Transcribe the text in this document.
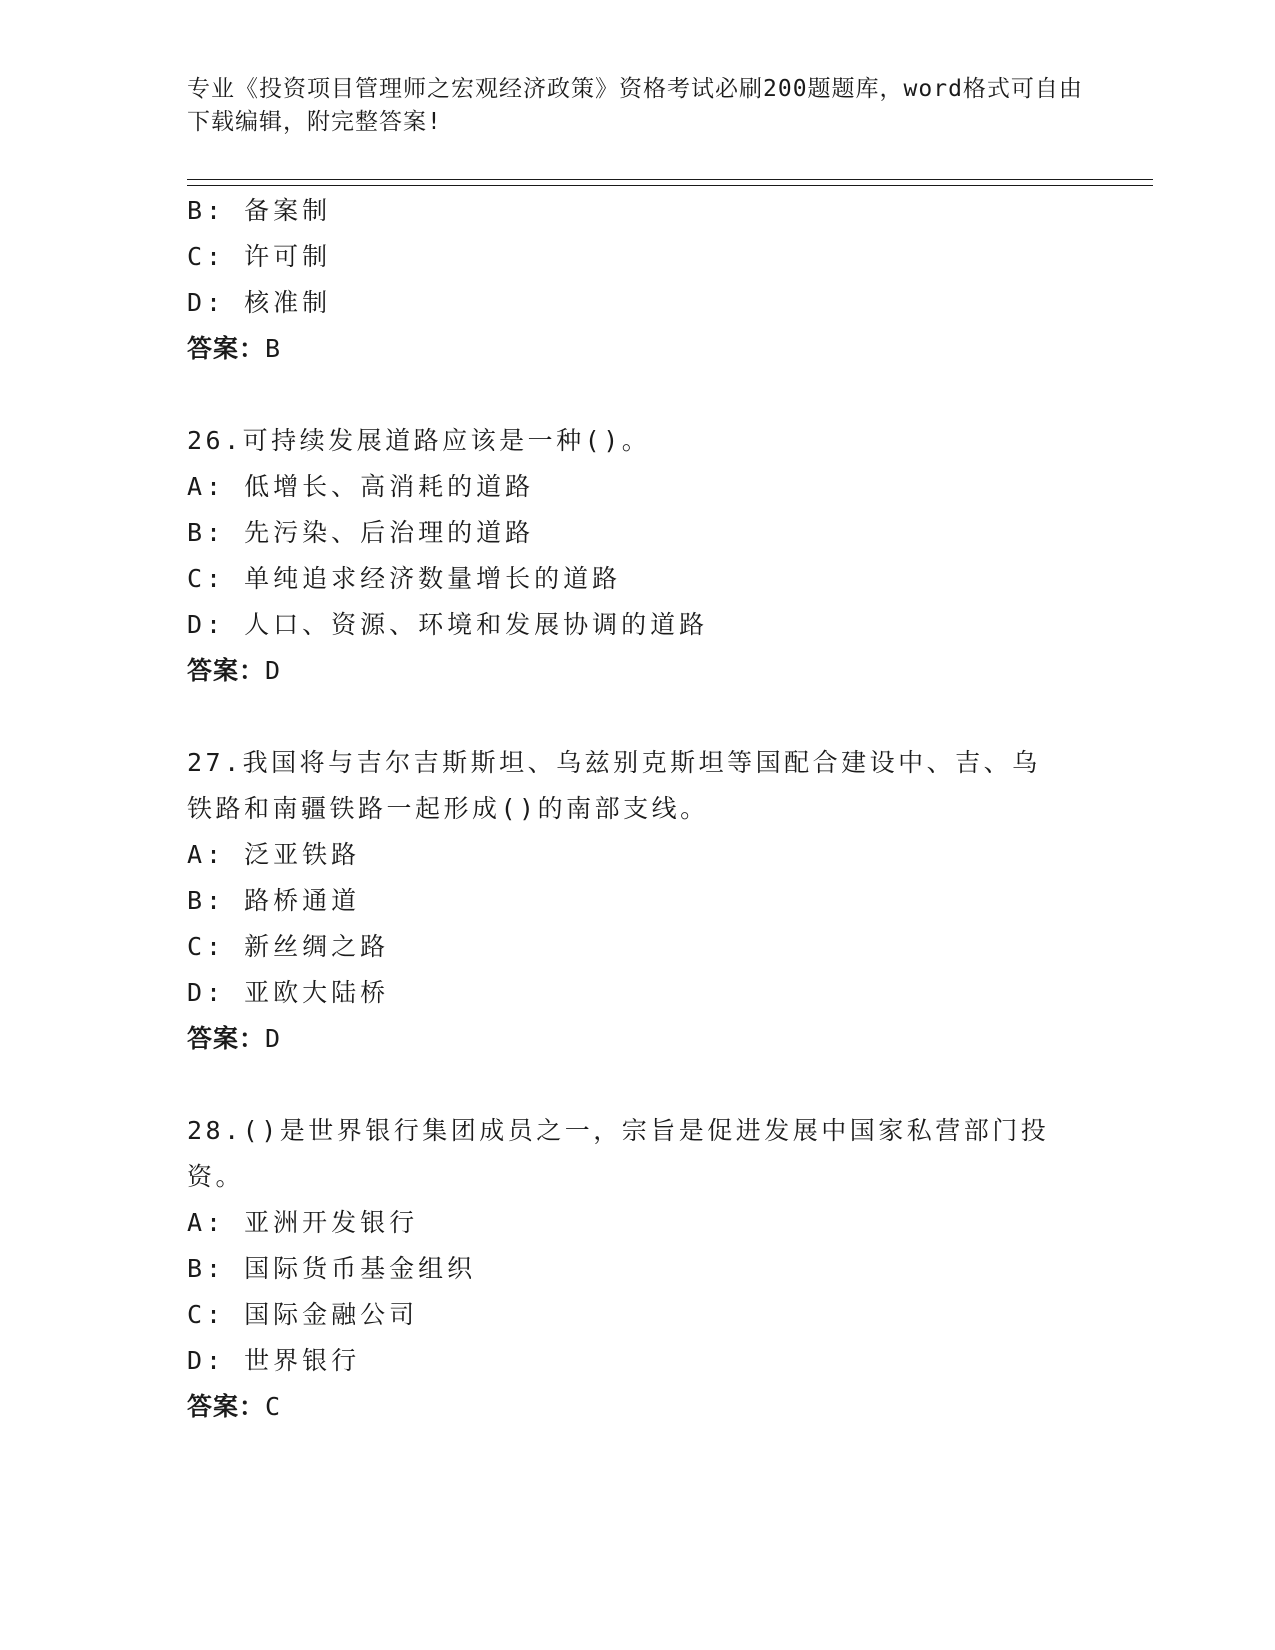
专业《投资项目管理师之宏观经济政策》资格考试必刷200题题库，word格式可自由下载编辑，附完整答案!
B: 备案制
C: 许可制
D: 核准制
答案：B
26.可持续发展道路应该是一种()。
A: 低增长、高消耗的道路
B: 先污染、后治理的道路
C: 单纯追求经济数量增长的道路
D: 人口、资源、环境和发展协调的道路
答案：D
27.我国将与吉尔吉斯斯坦、乌兹别克斯坦等国配合建设中、吉、乌铁路和南疆铁路一起形成()的南部支线。
A: 泛亚铁路
B: 路桥通道
C: 新丝绸之路
D: 亚欧大陆桥
答案：D
28.()是世界银行集团成员之一，宗旨是促进发展中国家私营部门投资。
A: 亚洲开发银行
B: 国际货币基金组织
C: 国际金融公司
D: 世界银行
答案：C
